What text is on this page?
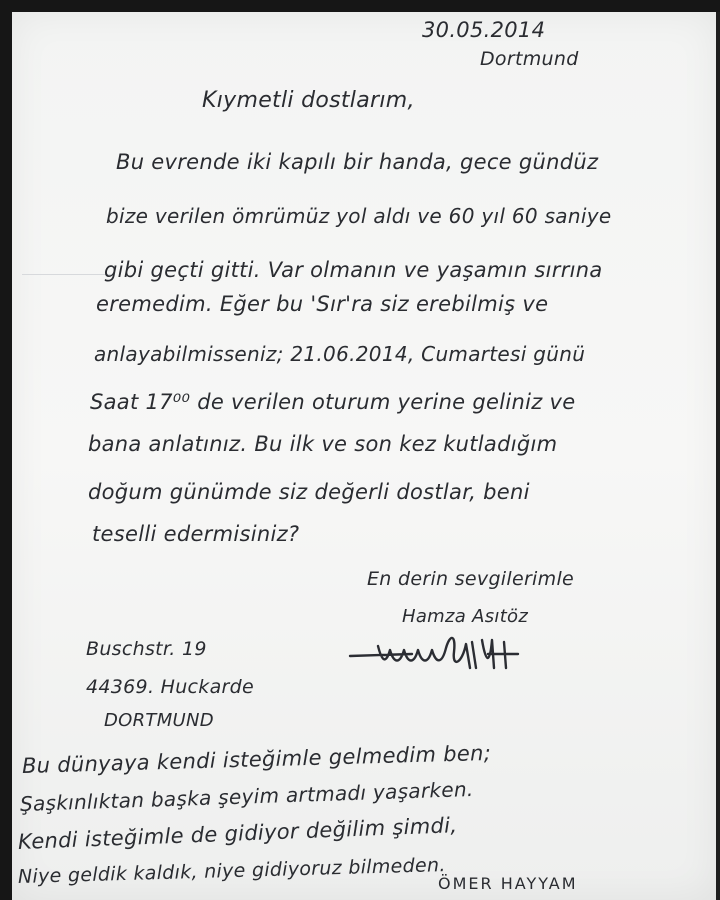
30.05.2014

Dortmund

Kıymetli dostlarım,

Bu evrende iki kapılı bir handa, gece gündüz

bize verilen ömrümüz yol aldı ve 60 yıl 60 saniye

gibi geçti gitti. Var olmanın ve yaşamın sırrına

eremedim. Eğer bu 'Sır'ra siz erebilmiş ve

anlayabilmisseniz; 21.06.2014, Cumartesi günü

Saat 17⁰⁰ de verilen oturum yerine geliniz ve

bana anlatınız. Bu ilk ve son kez kutladığım

doğum günümde siz değerli dostlar, beni

teselli edermisiniz?

En derin sevgilerimle

Hamza Asıtöz

Buschstr. 19

44369. Huckarde

DORTMUND

Bu dünyaya kendi isteğimle gelmedim ben;

Şaşkınlıktan başka şeyim artmadı yaşarken.

Kendi isteğimle de gidiyor değilim şimdi,

Niye geldik kaldık, niye gidiyoruz bilmeden.

ÖMER HAYYAM
